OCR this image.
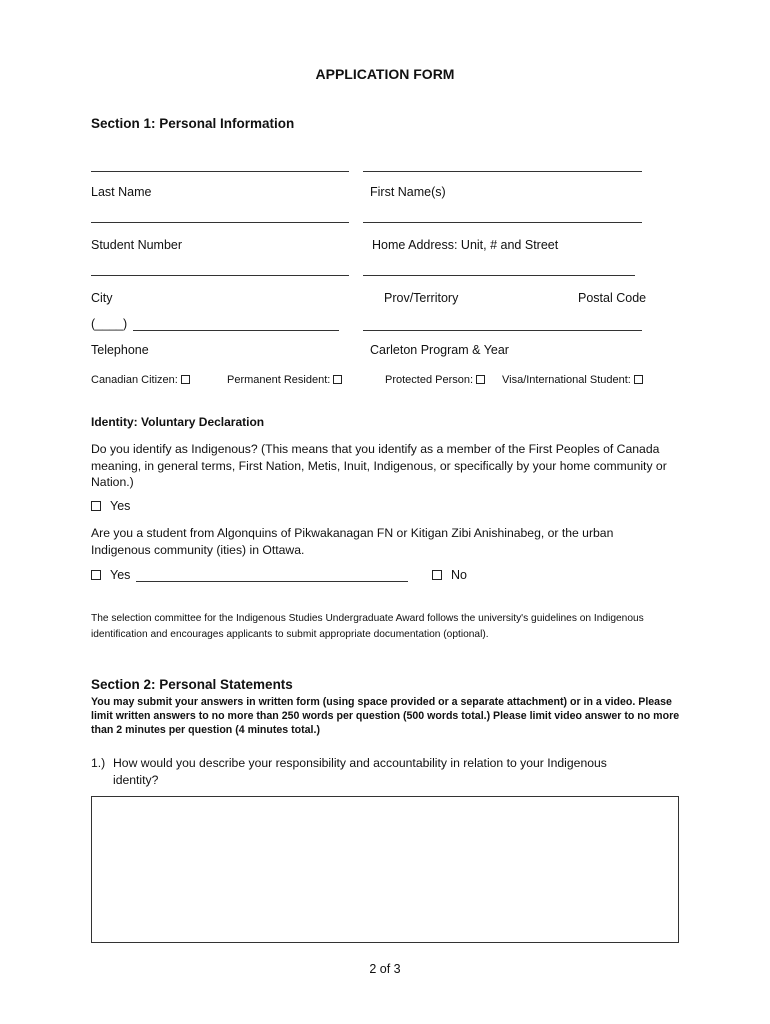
APPLICATION FORM
Section 1: Personal Information
Last Name	First Name(s)
Student Number	Home Address: Unit, # and Street
City	Prov/Territory	Postal Code
(____)
Telephone	Carleton Program & Year
Canadian Citizen:	Permanent Resident:	Protected Person:	Visa/International Student:
Identity: Voluntary Declaration
Do you identify as Indigenous? (This means that you identify as a member of the First Peoples of Canada meaning, in general terms, First Nation, Metis, Inuit, Indigenous, or specifically by your home community or Nation.)
Yes
Are you a student from Algonquins of Pikwakanagan FN or Kitigan Zibi Anishinabeg, or the urban Indigenous community (ities) in Ottawa.
Yes	No
The selection committee for the Indigenous Studies Undergraduate Award follows the university's guidelines on Indigenous identification and encourages applicants to submit appropriate documentation (optional).
Section 2: Personal Statements
You may submit your answers in written form (using space provided or a separate attachment) or in a video. Please limit written answers to no more than 250 words per question (500 words total.) Please limit video answer to no more than 2 minutes per question (4 minutes total.)
1.) How would you describe your responsibility and accountability in relation to your Indigenous
identity?
2 of 3
